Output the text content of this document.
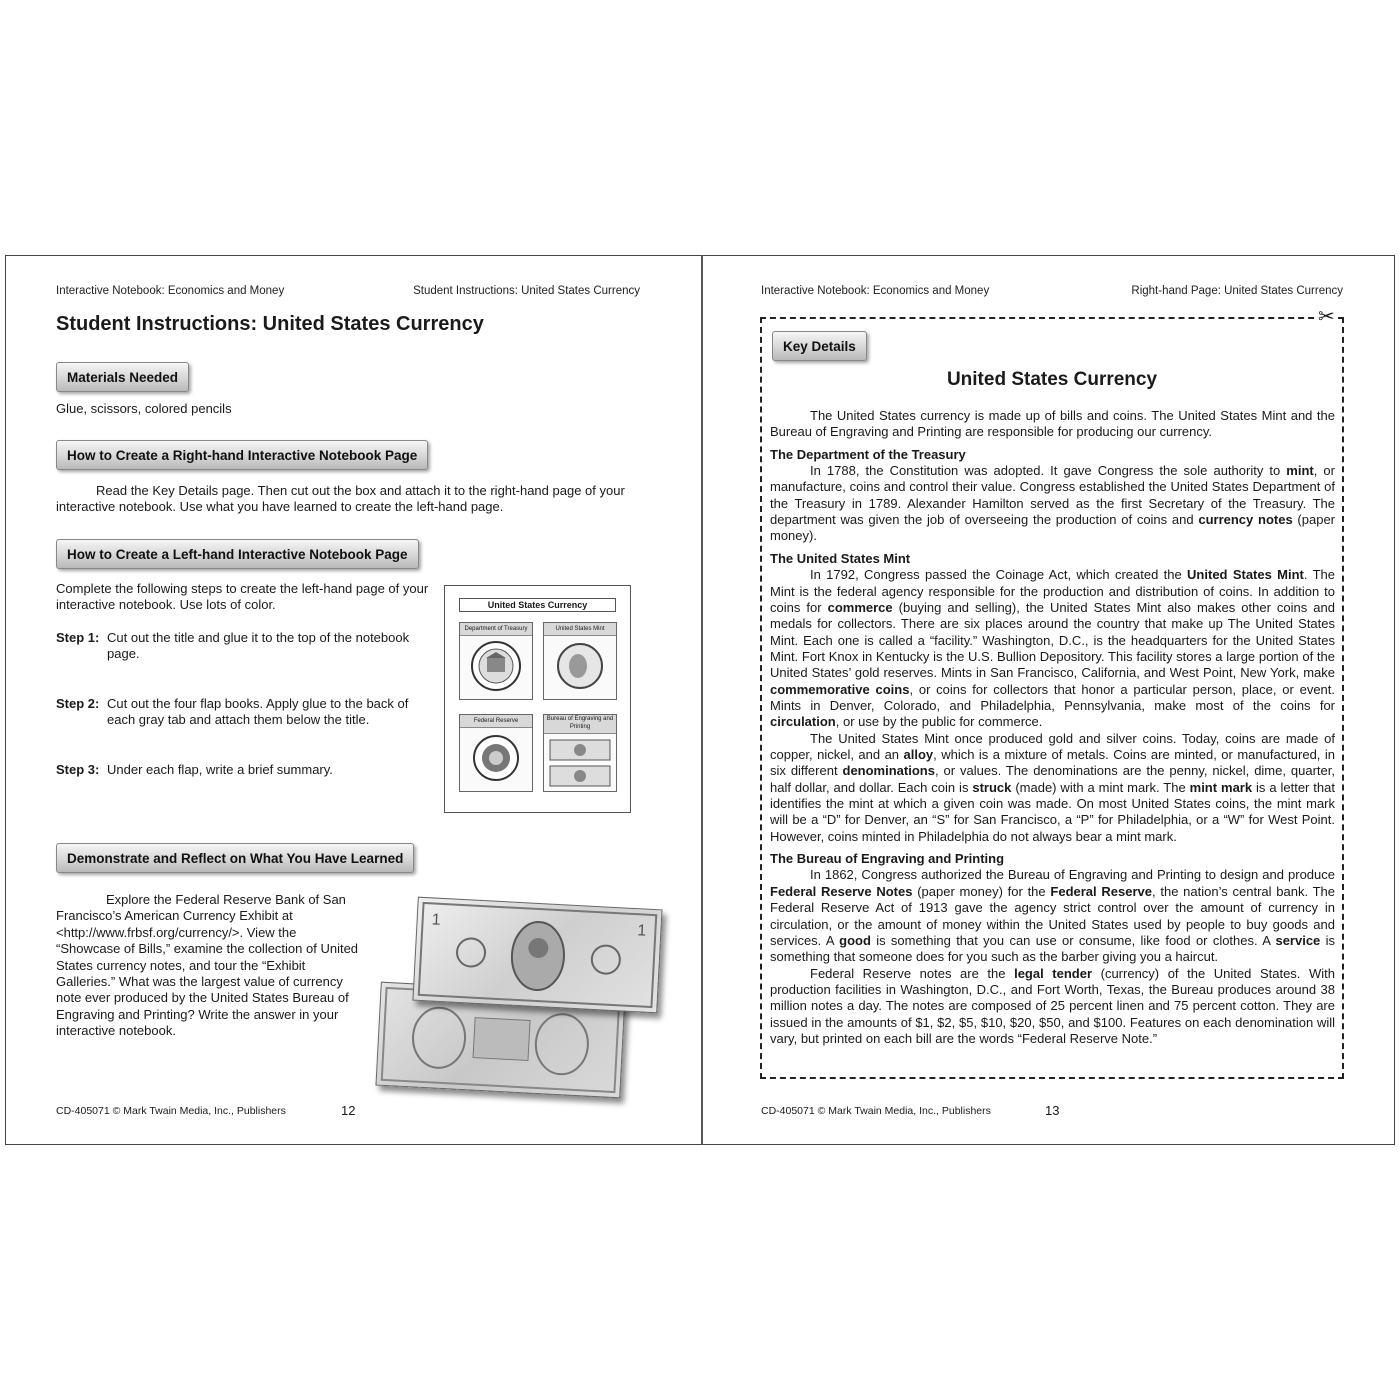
Interactive Notebook: Economics and Money	Student Instructions: United States Currency
Student Instructions: United States Currency
Materials Needed
Glue, scissors, colored pencils
How to Create a Right-hand Interactive Notebook Page
Read the Key Details page. Then cut out the box and attach it to the right-hand page of your interactive notebook. Use what you have learned to create the left-hand page.
How to Create a Left-hand Interactive Notebook Page
Complete the following steps to create the left-hand page of your interactive notebook. Use lots of color.
Step 1: Cut out the title and glue it to the top of the notebook page.
Step 2: Cut out the four flap books. Apply glue to the back of each gray tab and attach them below the title.
Step 3: Under each flap, write a brief summary.
United States Currency
Department of Treasury	United States Mint
Federal Reserve	Bureau of Engraving and Printing
Demonstrate and Reflect on What You Have Learned
Explore the Federal Reserve Bank of San Francisco’s American Currency Exhibit at <http://www.frbsf.org/currency/>. View the “Showcase of Bills,” examine the collection of United States currency notes, and tour the “Exhibit Galleries.” What was the largest value of currency note ever produced by the United States Bureau of Engraving and Printing? Write the answer in your interactive notebook.
1
1
CD-405071 © Mark Twain Media, Inc., Publishers	12
Interactive Notebook: Economics and Money	Right-hand Page: United States Currency
✂
Key Details
United States Currency

The United States currency is made up of bills and coins. The United States Mint and the Bureau of Engraving and Printing are responsible for producing our currency.

The Department of the Treasury

In 1788, the Constitution was adopted. It gave Congress the sole authority to mint, or manufacture, coins and control their value. Congress established the United States Department of the Treasury in 1789. Alexander Hamilton served as the first Secretary of the Treasury. The department was given the job of overseeing the production of coins and currency notes (paper money).

The United States Mint

In 1792, Congress passed the Coinage Act, which created the United States Mint. The Mint is the federal agency responsible for the production and distribution of coins. In addition to coins for commerce (buying and selling), the United States Mint also makes other coins and medals for collectors. There are six places around the country that make up The United States Mint. Each one is called a “facility.” Washington, D.C., is the headquarters for the United States Mint. Fort Knox in Kentucky is the U.S. Bullion Depository. This facility stores a large portion of the United States’ gold reserves. Mints in San Francisco, California, and West Point, New York, make commemorative coins, or coins for collectors that honor a particular person, place, or event. Mints in Denver, Colorado, and Philadelphia, Pennsylvania, make most of the coins for circulation, or use by the public for commerce.

The United States Mint once produced gold and silver coins. Today, coins are made of copper, nickel, and an alloy, which is a mixture of metals. Coins are minted, or manufactured, in six different denominations, or values. The denominations are the penny, nickel, dime, quarter, half dollar, and dollar. Each coin is struck (made) with a mint mark. The mint mark is a letter that identifies the mint at which a given coin was made. On most United States coins, the mint mark will be a “D” for Denver, an “S” for San Francisco, a “P” for Philadelphia, or a “W” for West Point. However, coins minted in Philadelphia do not always bear a mint mark.

The Bureau of Engraving and Printing

In 1862, Congress authorized the Bureau of Engraving and Printing to design and produce Federal Reserve Notes (paper money) for the Federal Reserve, the nation’s central bank. The Federal Reserve Act of 1913 gave the agency strict control over the amount of currency in circulation, or the amount of money within the United States used by people to buy goods and services. A good is something that you can use or consume, like food or clothes. A service is something that someone does for you such as the barber giving you a haircut.

Federal Reserve notes are the legal tender (currency) of the United States. With production facilities in Washington, D.C., and Fort Worth, Texas, the Bureau produces around 38 million notes a day. The notes are composed of 25 percent linen and 75 percent cotton. They are issued in the amounts of $1, $2, $5, $10, $20, $50, and $100. Features on each denomination will vary, but printed on each bill are the words “Federal Reserve Note.”

CD-405071 © Mark Twain Media, Inc., Publishers	13
